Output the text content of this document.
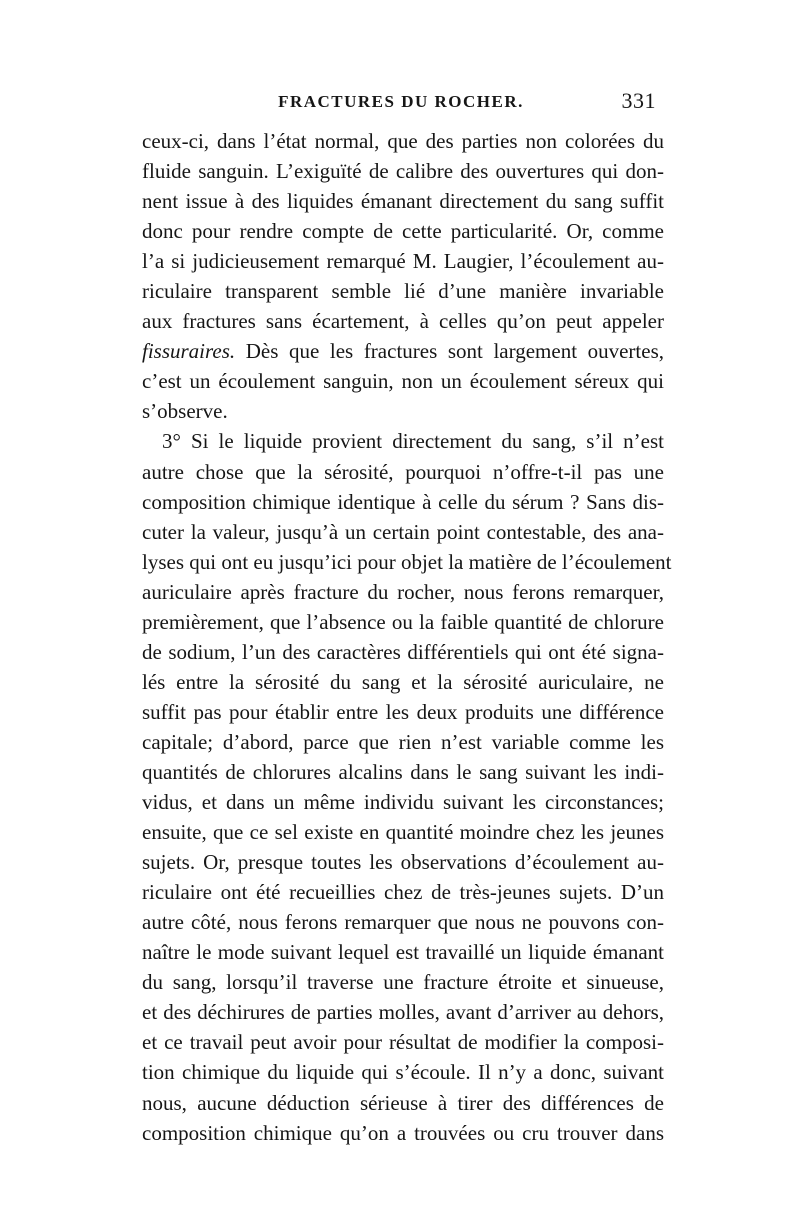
FRACTURES DU ROCHER.	331
ceux-ci, dans l’état normal, que des parties non colorées du
fluide sanguin. L’exiguïté de calibre des ouvertures qui don-
nent issue à des liquides émanant directement du sang suffit
donc pour rendre compte de cette particularité. Or, comme
l’a si judicieusement remarqué M. Laugier, l’écoulement au-
riculaire transparent semble lié d’une manière invariable
aux fractures sans écartement, à celles qu’on peut appeler
fissuraires. Dès que les fractures sont largement ouvertes,
c’est un écoulement sanguin, non un écoulement séreux qui
s’observe.
3° Si le liquide provient directement du sang, s’il n’est
autre chose que la sérosité, pourquoi n’offre-t-il pas une
composition chimique identique à celle du sérum ? Sans dis-
cuter la valeur, jusqu’à un certain point contestable, des ana-
lyses qui ont eu jusqu’ici pour objet la matière de l’écoulement
auriculaire après fracture du rocher, nous ferons remarquer,
premièrement, que l’absence ou la faible quantité de chlorure
de sodium, l’un des caractères différentiels qui ont été signa-
lés entre la sérosité du sang et la sérosité auriculaire, ne
suffit pas pour établir entre les deux produits une différence
capitale; d’abord, parce que rien n’est variable comme les
quantités de chlorures alcalins dans le sang suivant les indi-
vidus, et dans un même individu suivant les circonstances;
ensuite, que ce sel existe en quantité moindre chez les jeunes
sujets. Or, presque toutes les observations d’écoulement au-
riculaire ont été recueillies chez de très-jeunes sujets. D’un
autre côté, nous ferons remarquer que nous ne pouvons con-
naître le mode suivant lequel est travaillé un liquide émanant
du sang, lorsqu’il traverse une fracture étroite et sinueuse,
et des déchirures de parties molles, avant d’arriver au dehors,
et ce travail peut avoir pour résultat de modifier la composi-
tion chimique du liquide qui s’écoule. Il n’y a donc, suivant
nous, aucune déduction sérieuse à tirer des différences de
composition chimique qu’on a trouvées ou cru trouver dans
